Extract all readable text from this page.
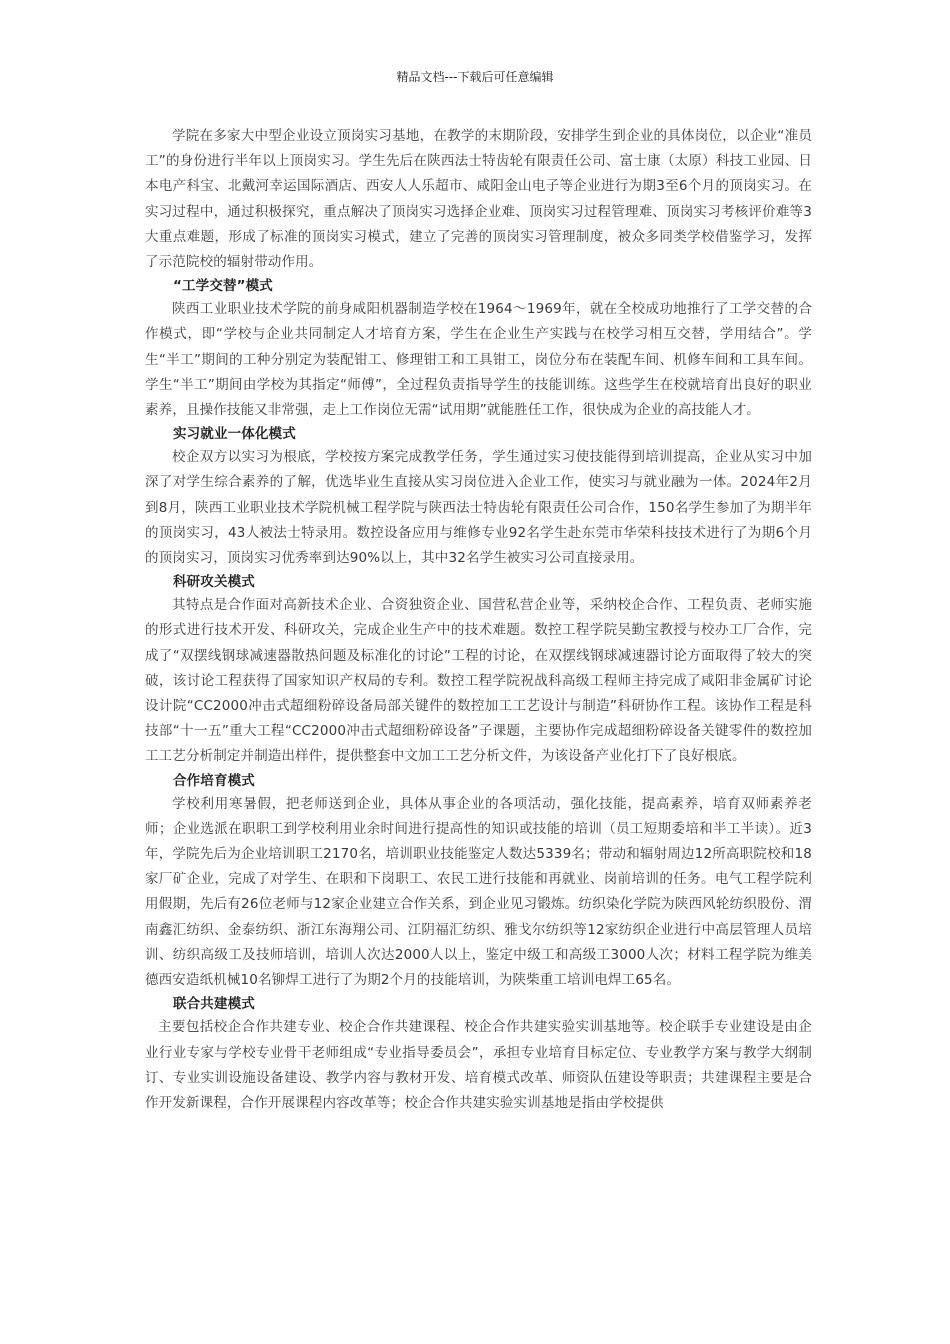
精品文档---下载后可任意编辑

学院在多家大中型企业设立顶岗实习基地，在教学的末期阶段，安排学生到企业的具体岗位，以企业“准员工”的身份进行半年以上顶岗实习。学生先后在陕西法士特齿轮有限责任公司、富士康（太原）科技工业园、日本电产科宝、北戴河幸运国际酒店、西安人人乐超市、咸阳金山电子等企业进行为期3至6个月的顶岗实习。在实习过程中，通过积极探究，重点解决了顶岗实习选择企业难、顶岗实习过程管理难、顶岗实习考核评价难等3大重点难题，形成了标准的顶岗实习模式，建立了完善的顶岗实习管理制度，被众多同类学校借鉴学习，发挥了示范院校的辐射带动作用。

“工学交替”模式

陕西工业职业技术学院的前身咸阳机器制造学校在1964～1969年，就在全校成功地推行了工学交替的合作模式，即“学校与企业共同制定人才培育方案，学生在企业生产实践与在校学习相互交替，学用结合”。学生“半工”期间的工种分别定为装配钳工、修理钳工和工具钳工，岗位分布在装配车间、机修车间和工具车间。学生“半工”期间由学校为其指定“师傅”，全过程负责指导学生的技能训练。这些学生在校就培育出良好的职业素养，且操作技能又非常强，走上工作岗位无需“试用期”就能胜任工作，很快成为企业的高技能人才。

实习就业一体化模式

校企双方以实习为根底，学校按方案完成教学任务，学生通过实习使技能得到培训提高，企业从实习中加深了对学生综合素养的了解，优选毕业生直接从实习岗位进入企业工作，使实习与就业融为一体。2024年2月到8月，陕西工业职业技术学院机械工程学院与陕西法士特齿轮有限责任公司合作，150名学生参加了为期半年的顶岗实习，43人被法士特录用。数控设备应用与维修专业92名学生赴东莞市华荣科技技术进行了为期6个月的顶岗实习，顶岗实习优秀率到达90%以上，其中32名学生被实习公司直接录用。

科研攻关模式

其特点是合作面对高新技术企业、合资独资企业、国营私营企业等，采纳校企合作、工程负责、老师实施的形式进行技术开发、科研攻关，完成企业生产中的技术难题。数控工程学院吴勤宝教授与校办工厂合作，完成了“双摆线钢球减速器散热问题及标准化的讨论”工程的讨论，在双摆线钢球减速器讨论方面取得了较大的突破，该讨论工程获得了国家知识产权局的专利。数控工程学院祝战科高级工程师主持完成了咸阳非金属矿讨论设计院“CC2000冲击式超细粉碎设备局部关键件的数控加工工艺设计与制造”科研协作工程。该协作工程是科技部“十一五”重大工程“CC2000冲击式超细粉碎设备”子课题，主要协作完成超细粉碎设备关键零件的数控加工工艺分析制定并制造出样件，提供整套中文加工工艺分析文件，为该设备产业化打下了良好根底。

合作培育模式

学校利用寒暑假，把老师送到企业，具体从事企业的各项活动，强化技能，提高素养，培育双师素养老师；企业选派在职职工到学校利用业余时间进行提高性的知识或技能的培训（员工短期委培和半工半读）。近3年，学院先后为企业培训职工2170名，培训职业技能鉴定人数达5339名；带动和辐射周边12所高职院校和18家厂矿企业，完成了对学生、在职和下岗职工、农民工进行技能和再就业、岗前培训的任务。电气工程学院利用假期，先后有26位老师与12家企业建立合作关系，到企业见习锻炼。纺织染化学院为陕西风轮纺织股份、渭南鑫汇纺织、金泰纺织、浙江东海翔公司、江阴福汇纺织、雅戈尔纺织等12家纺织企业进行中高层管理人员培训、纺织高级工及技师培训，培训人次达2000人以上，鉴定中级工和高级工3000人次；材料工程学院为维美德西安造纸机械10名铆焊工进行了为期2个月的技能培训，为陕柴重工培训电焊工65名。

联合共建模式

主要包括校企合作共建专业、校企合作共建课程、校企合作共建实验实训基地等。校企联手专业建设是由企业行业专家与学校专业骨干老师组成“专业指导委员会”，承担专业培育目标定位、专业教学方案与教学大纲制订、专业实训设施设备建设、教学内容与教材开发、培育模式改革、师资队伍建设等职责；共建课程主要是合作开发新课程，合作开展课程内容改革等；校企合作共建实验实训基地是指由学校提供
